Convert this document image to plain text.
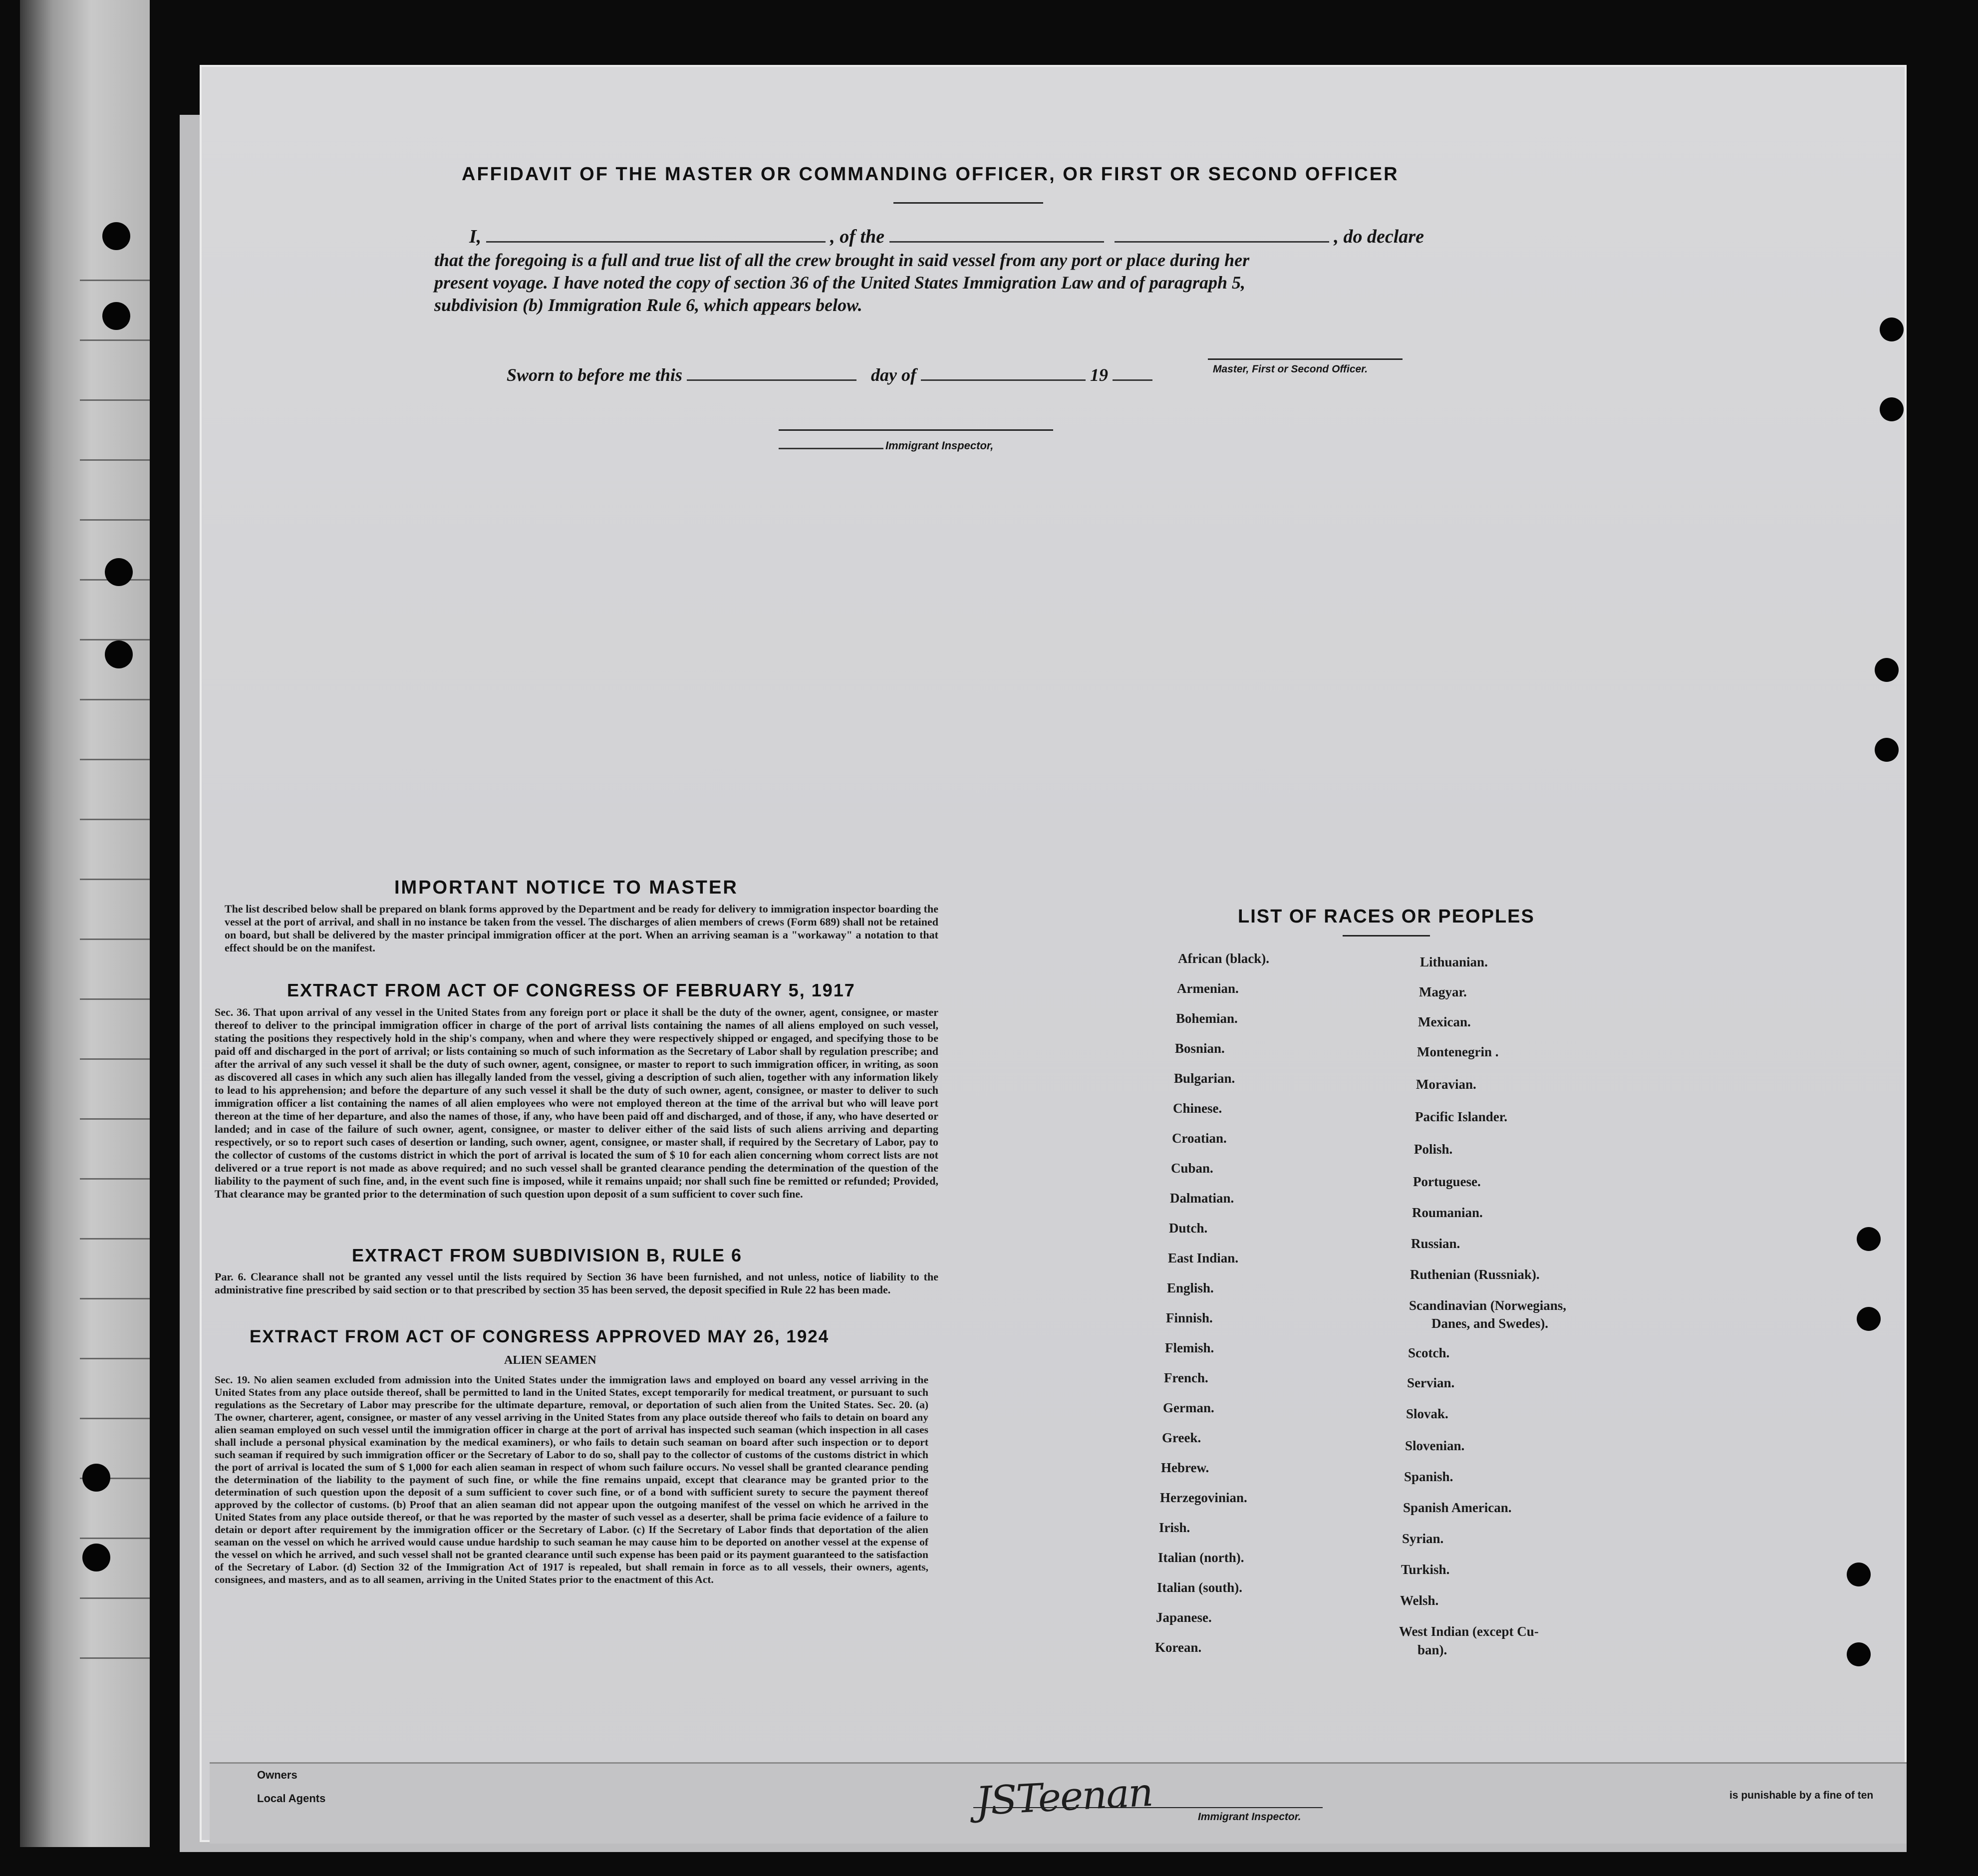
AFFIDAVIT OF THE MASTER OR COMMANDING OFFICER, OR FIRST OR SECOND OFFICER
I,	, of the	, do declare
that the foregoing is a full and true list of all the crew brought in said vessel from any port or place during her
present voyage. I have noted the copy of section 36 of the United States Immigration Law and of paragraph 5,
subdivision (b) Immigration Rule 6, which appears below.
Master, First or Second Officer.
Sworn to before me this	day of	19
Immigrant Inspector,
IMPORTANT NOTICE TO MASTER
The list described below shall be prepared on blank forms approved by the Department and be ready for delivery to immigration inspector boarding the vessel at the port of arrival, and shall in no instance be taken from the vessel. The discharges of alien members of crews (Form 689) shall not be retained on board, but shall be delivered by the master principal immigration officer at the port. When an arriving seaman is a "workaway" a notation to that effect should be on the manifest.
EXTRACT FROM ACT OF CONGRESS OF FEBRUARY 5, 1917
Sec. 36. That upon arrival of any vessel in the United States from any foreign port or place it shall be the duty of the owner, agent, consignee, or master thereof to deliver to the principal immigration officer in charge of the port of arrival lists containing the names of all aliens employed on such vessel, stating the positions they respectively hold in the ship's company, when and where they were respectively shipped or engaged, and specifying those to be paid off and discharged in the port of arrival; or lists containing so much of such information as the Secretary of Labor shall by regulation prescribe; and after the arrival of any such vessel it shall be the duty of such owner, agent, consignee, or master to report to such immigration officer, in writing, as soon as discovered all cases in which any such alien has illegally landed from the vessel, giving a description of such alien, together with any information likely to lead to his apprehension; and before the departure of any such vessel it shall be the duty of such owner, agent, consignee, or master to deliver to such immigration officer a list containing the names of all alien employees who were not employed thereon at the time of the arrival but who will leave port thereon at the time of her departure, and also the names of those, if any, who have been paid off and discharged, and of those, if any, who have deserted or landed; and in case of the failure of such owner, agent, consignee, or master to deliver either of the said lists of such aliens arriving and departing respectively, or so to report such cases of desertion or landing, such owner, agent, consignee, or master shall, if required by the Secretary of Labor, pay to the collector of customs of the customs district in which the port of arrival is located the sum of $ 10 for each alien concerning whom correct lists are not delivered or a true report is not made as above required; and no such vessel shall be granted clearance pending the determination of the question of the liability to the payment of such fine, and, in the event such fine is imposed, while it remains unpaid; nor shall such fine be remitted or refunded; Provided, That clearance may be granted prior to the determination of such question upon deposit of a sum sufficient to cover such fine.
EXTRACT FROM SUBDIVISION B, RULE 6
Par. 6. Clearance shall not be granted any vessel until the lists required by Section 36 have been furnished, and not unless, notice of liability to the administrative fine prescribed by said section or to that prescribed by section 35 has been served, the deposit specified in Rule 22 has been made.
EXTRACT FROM ACT OF CONGRESS APPROVED MAY 26, 1924
ALIEN SEAMEN
Sec. 19. No alien seamen excluded from admission into the United States under the immigration laws and employed on board any vessel arriving in the United States from any place outside thereof, shall be permitted to land in the United States, except temporarily for medical treatment, or pursuant to such regulations as the Secretary of Labor may prescribe for the ultimate departure, removal, or deportation of such alien from the United States. Sec. 20. (a) The owner, charterer, agent, consignee, or master of any vessel arriving in the United States from any place outside thereof who fails to detain on board any alien seaman employed on such vessel until the immigration officer in charge at the port of arrival has inspected such seaman (which inspection in all cases shall include a personal physical examination by the medical examiners), or who fails to detain such seaman on board after such inspection or to deport such seaman if required by such immigration officer or the Secretary of Labor to do so, shall pay to the collector of customs of the customs district in which the port of arrival is located the sum of $ 1,000 for each alien seaman in respect of whom such failure occurs. No vessel shall be granted clearance pending the determination of the liability to the payment of such fine, or while the fine remains unpaid, except that clearance may be granted prior to the determination of such question upon the deposit of a sum sufficient to cover such fine, or of a bond with sufficient surety to secure the payment thereof approved by the collector of customs. (b) Proof that an alien seaman did not appear upon the outgoing manifest of the vessel on which he arrived in the United States from any place outside thereof, or that he was reported by the master of such vessel as a deserter, shall be prima facie evidence of a failure to detain or deport after requirement by the immigration officer or the Secretary of Labor. (c) If the Secretary of Labor finds that deportation of the alien seaman on the vessel on which he arrived would cause undue hardship to such seaman he may cause him to be deported on another vessel at the expense of the vessel on which he arrived, and such vessel shall not be granted clearance until such expense has been paid or its payment guaranteed to the satisfaction of the Secretary of Labor. (d) Section 32 of the Immigration Act of 1917 is repealed, but shall remain in force as to all vessels, their owners, agents, consignees, and masters, and as to all seamen, arriving in the United States prior to the enactment of this Act.
LIST OF RACES OR PEOPLES
African (black).
Armenian.
Bohemian.
Bosnian.
Bulgarian.
Chinese.
Croatian.
Cuban.
Dalmatian.
Dutch.
East Indian.
English.
Finnish.
Flemish.
French.
German.
Greek.
Hebrew.
Herzegovinian.
Irish.
Italian (north).
Italian (south).
Japanese.
Korean.
Lithuanian.
Magyar.
Mexican.
Montenegrin .
Moravian.
Pacific Islander.
Polish.
Portuguese.
Roumanian.
Russian.
Ruthenian (Russniak).
Scandinavian (Norwegians,
Danes, and Swedes).
Scotch.
Servian.
Slovak.
Slovenian.
Spanish.
Spanish American.
Syrian.
Turkish.
Welsh.
West Indian (except Cu-
ban).
Owners
Local Agents	JSTeenan	Immigrant Inspector.
is punishable by a fine of ten
